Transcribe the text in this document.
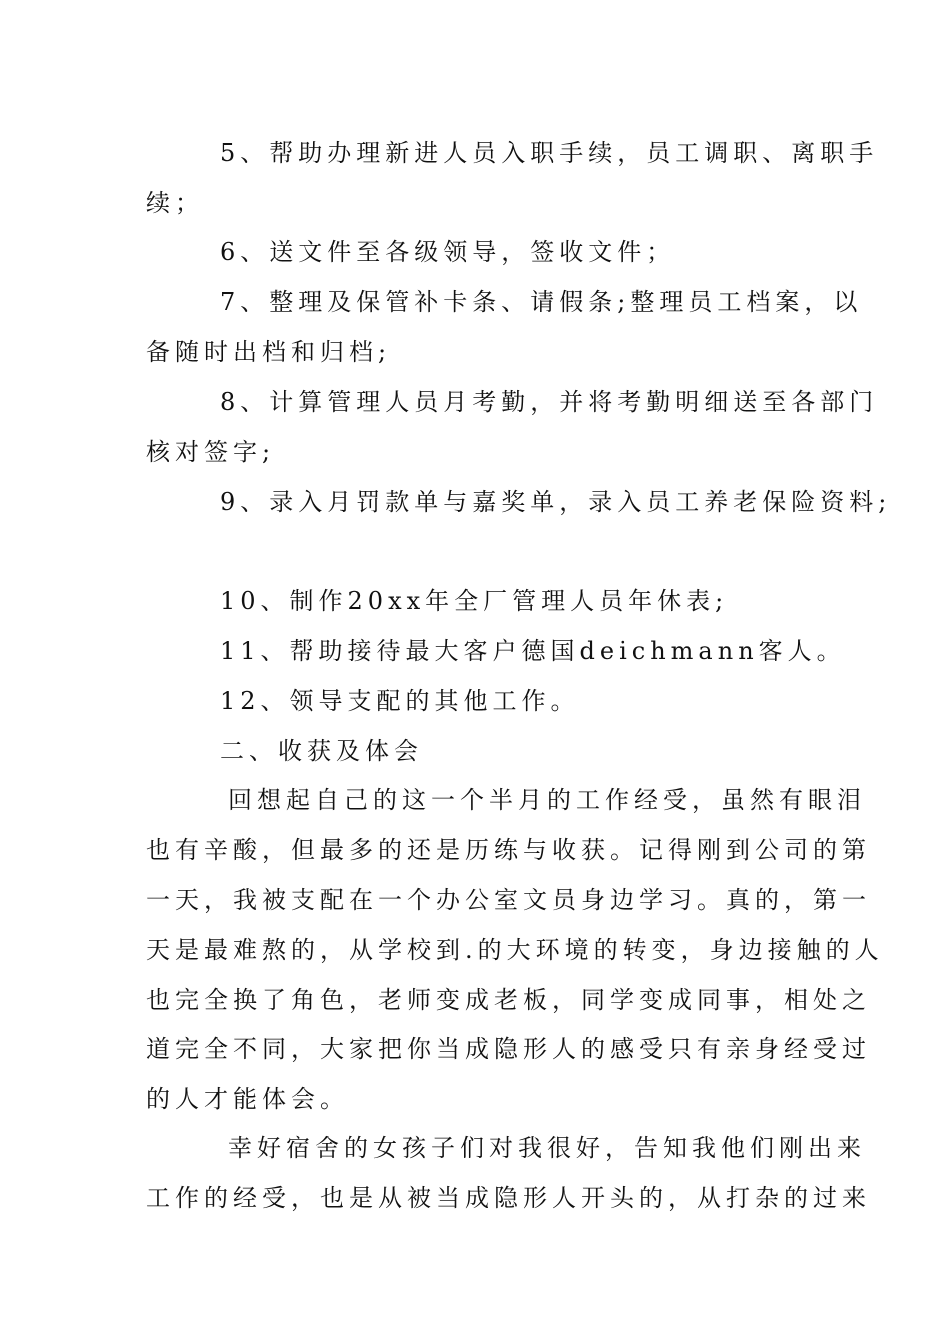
5、帮助办理新进人员入职手续，员工调职、离职手
续；
6、送文件至各级领导，签收文件；
7、整理及保管补卡条、请假条;整理员工档案，以
备随时出档和归档;
8、计算管理人员月考勤，并将考勤明细送至各部门
核对签字;
9、录入月罚款单与嘉奖单，录入员工养老保险资料;
10、制作20xx年全厂管理人员年休表;
11、帮助接待最大客户德国deichmann客人。
12、领导支配的其他工作。
二、收获及体会
回想起自己的这一个半月的工作经受，虽然有眼泪
也有辛酸，但最多的还是历练与收获。记得刚到公司的第
一天，我被支配在一个办公室文员身边学习。真的，第一
天是最难熬的，从学校到.的大环境的转变，身边接触的人
也完全换了角色，老师变成老板，同学变成同事，相处之
道完全不同，大家把你当成隐形人的感受只有亲身经受过
的人才能体会。
幸好宿舍的女孩子们对我很好，告知我他们刚出来
工作的经受，也是从被当成隐形人开头的，从打杂的过来
